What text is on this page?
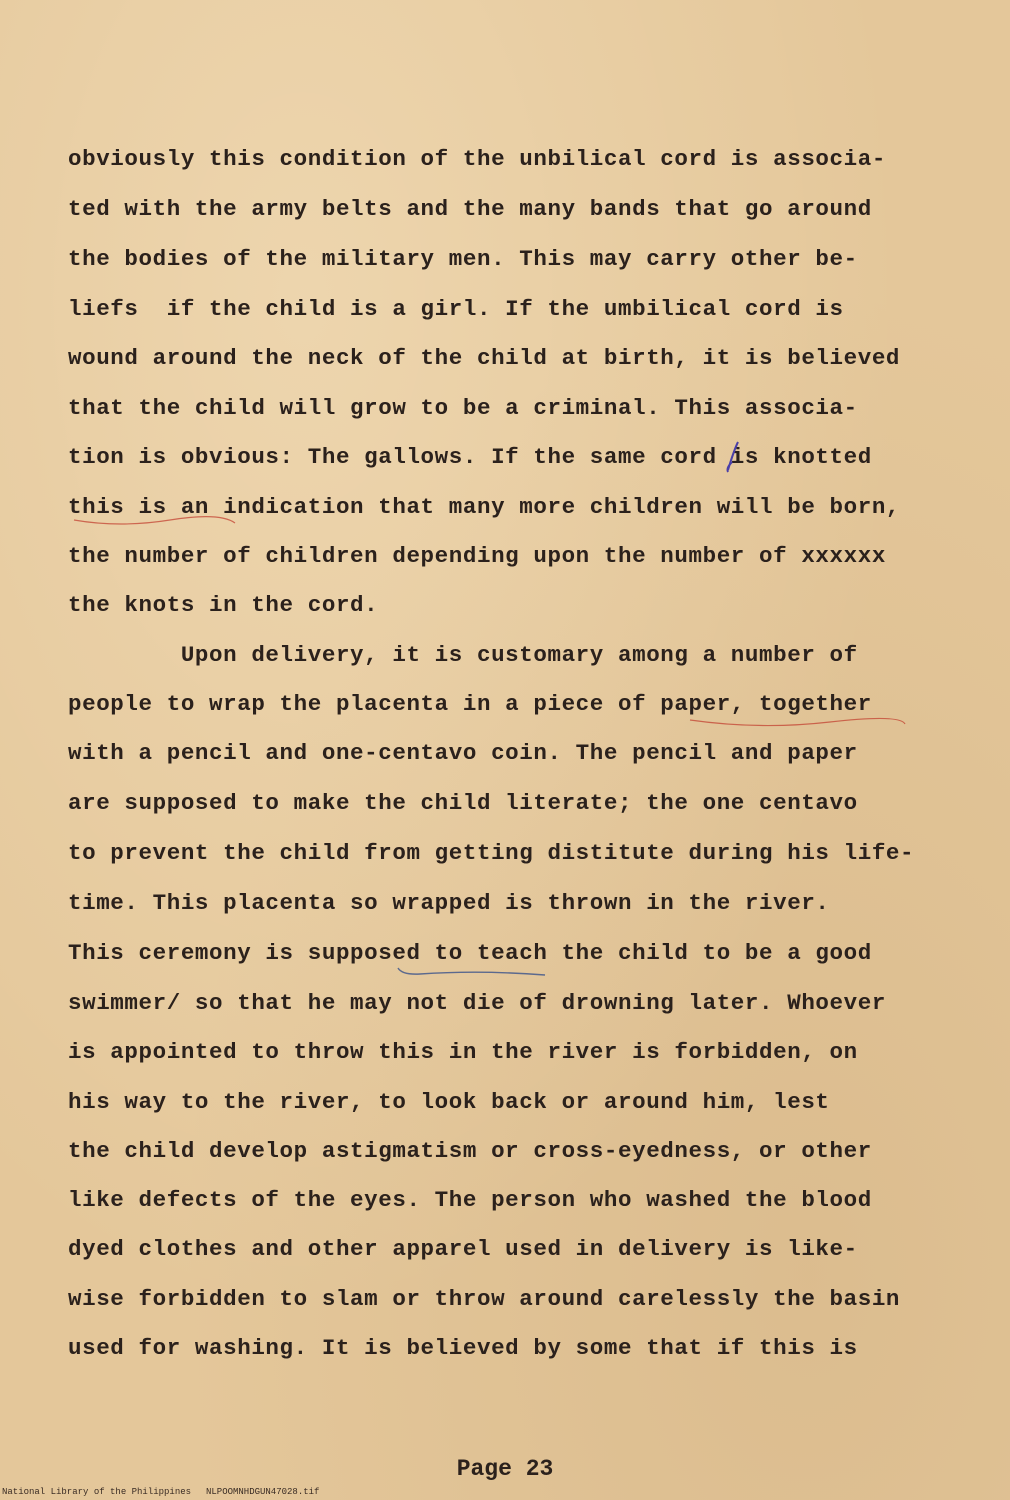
obviously this condition of the unbilical cord is associa-
ted with the army belts and the many bands that go around
the bodies of the military men. This may carry other be-
liefs  if the child is a girl. If the umbilical cord is
wound around the neck of the child at birth, it is believed
that the child will grow to be a criminal. This associa-
tion is obvious: The gallows. If the same cord is knotted
this is an indication that many more children will be born,
the number of children depending upon the number of xxxxxx
the knots in the cord.
Upon delivery, it is customary among a number of
people to wrap the placenta in a piece of paper, together
with a pencil and one-centavo coin. The pencil and paper
are supposed to make the child literate; the one centavo
to prevent the child from getting distitute during his life-
time. This placenta so wrapped is thrown in the river.
This ceremony is supposed to teach the child to be a good
swimmer/ so that he may not die of drowning later. Whoever
is appointed to throw this in the river is forbidden, on
his way to the river, to look back or around him, lest
the child develop astigmatism or cross-eyedness, or other
like defects of the eyes. The person who washed the blood
dyed clothes and other apparel used in delivery is like-
wise forbidden to slam or throw around carelessly the basin
used for washing. It is believed by some that if this is
Page 23
National Library of the Philippines NLPOOMNHDGUN47028.tif
